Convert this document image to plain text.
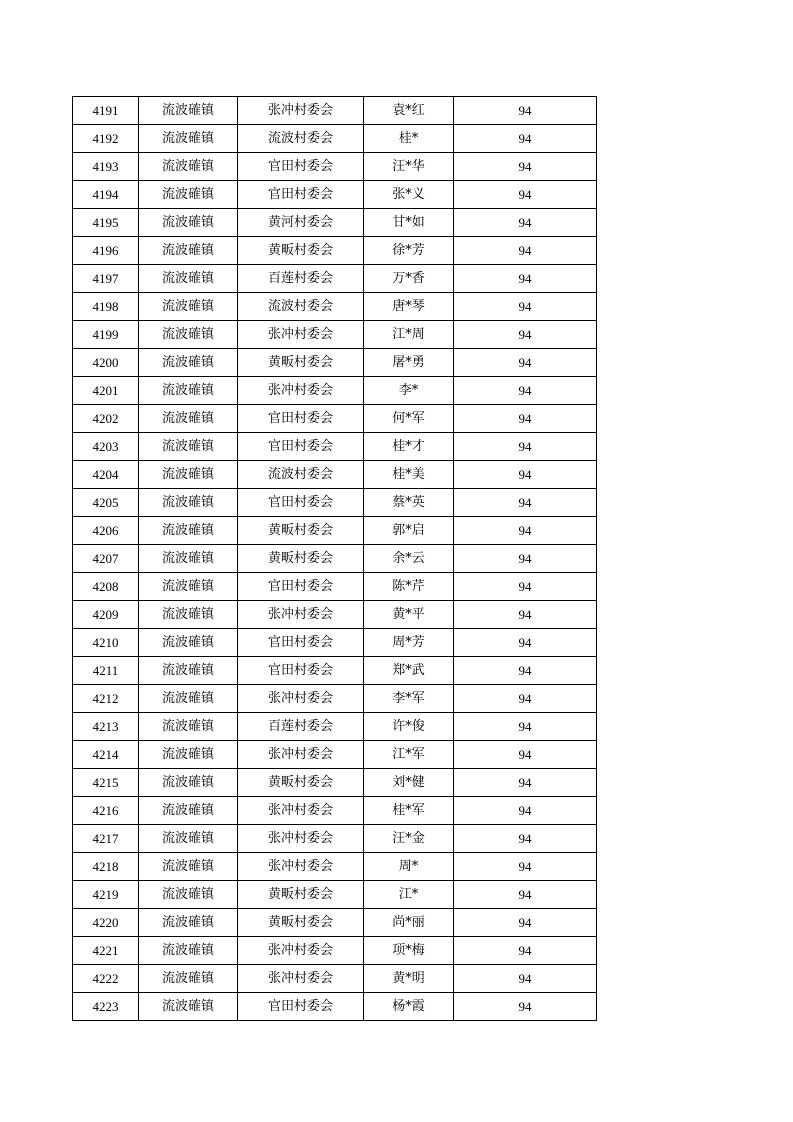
4191	流波確镇	张冲村委会	袁*红	94
4192	流波確镇	流波村委会	桂*	94
4193	流波確镇	官田村委会	汪*华	94
4194	流波確镇	官田村委会	张*义	94
4195	流波確镇	黄河村委会	甘*如	94
4196	流波確镇	黄畈村委会	徐*芳	94
4197	流波確镇	百莲村委会	万*香	94
4198	流波確镇	流波村委会	唐*琴	94
4199	流波確镇	张冲村委会	江*周	94
4200	流波確镇	黄畈村委会	屠*勇	94
4201	流波確镇	张冲村委会	李*	94
4202	流波確镇	官田村委会	何*军	94
4203	流波確镇	官田村委会	桂*才	94
4204	流波確镇	流波村委会	桂*美	94
4205	流波確镇	官田村委会	蔡*英	94
4206	流波確镇	黄畈村委会	郭*启	94
4207	流波確镇	黄畈村委会	余*云	94
4208	流波確镇	官田村委会	陈*芹	94
4209	流波確镇	张冲村委会	黄*平	94
4210	流波確镇	官田村委会	周*芳	94
4211	流波確镇	官田村委会	郑*武	94
4212	流波確镇	张冲村委会	李*军	94
4213	流波確镇	百莲村委会	许*俊	94
4214	流波確镇	张冲村委会	江*军	94
4215	流波確镇	黄畈村委会	刘*健	94
4216	流波確镇	张冲村委会	桂*军	94
4217	流波確镇	张冲村委会	汪*金	94
4218	流波確镇	张冲村委会	周*	94
4219	流波確镇	黄畈村委会	江*	94
4220	流波確镇	黄畈村委会	尚*丽	94
4221	流波確镇	张冲村委会	项*梅	94
4222	流波確镇	张冲村委会	黄*明	94
4223	流波確镇	官田村委会	杨*霞	94
